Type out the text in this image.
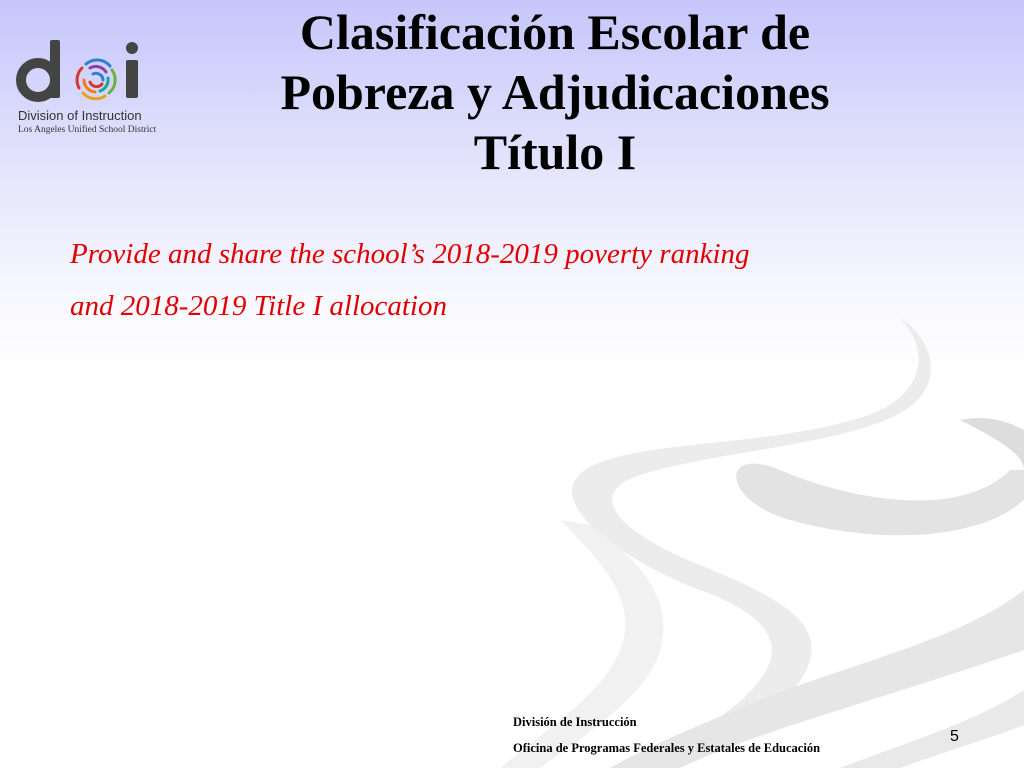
Division of Instruction
Los Angeles Unified School District
Clasificación Escolar de
Pobreza y Adjudicaciones
Título I

Provide and share the school’s 2018-2019 poverty ranking
and 2018-2019 Title I allocation

División de Instrucción
Oficina de Programas Federales y Estatales de Educación
5
